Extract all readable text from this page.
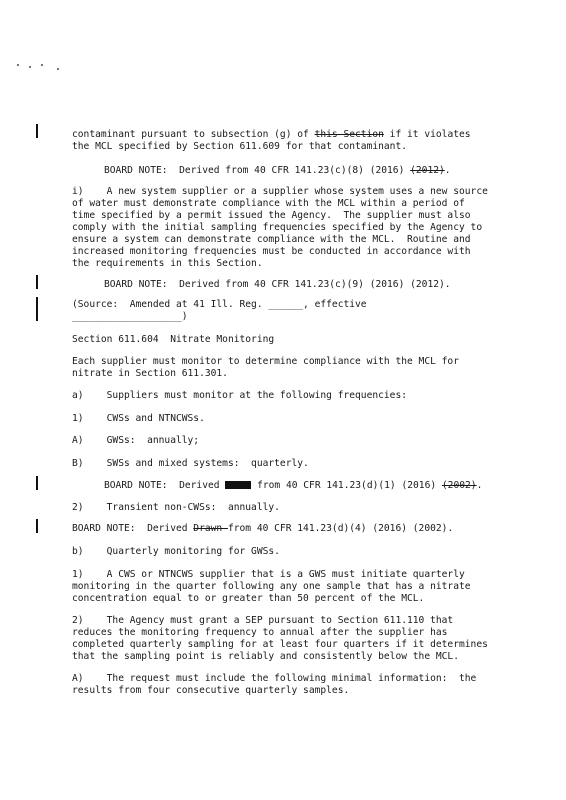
contaminant pursuant to subsection (g) of this Section if it violates
the MCL specified by Section 611.609 for that contaminant.
BOARD NOTE:  Derived from 40 CFR 141.23(c)(8) (2016) (2012).
i)    A new system supplier or a supplier whose system uses a new source
of water must demonstrate compliance with the MCL within a period of
time specified by a permit issued the Agency.  The supplier must also
comply with the initial sampling frequencies specified by the Agency to
ensure a system can demonstrate compliance with the MCL.  Routine and
increased monitoring frequencies must be conducted in accordance with
the requirements in this Section.
BOARD NOTE:  Derived from 40 CFR 141.23(c)(9) (2016) (2012).
(Source:  Amended at 41 Ill. Reg. ______, effective
___________________)
Section 611.604  Nitrate Monitoring
Each supplier must monitor to determine compliance with the MCL for
nitrate in Section 611.301.
a)    Suppliers must monitor at the following frequencies:
1)    CWSs and NTNCWSs.
A)    GWSs:  annually;
B)    SWSs and mixed systems:  quarterly.
BOARD NOTE:  Derived	from 40 CFR 141.23(d)(1) (2016) (2002).
2)    Transient non-CWSs:  annually.
BOARD NOTE:  Derived Drawn from 40 CFR 141.23(d)(4) (2016) (2002).
b)    Quarterly monitoring for GWSs.
1)    A CWS or NTNCWS supplier that is a GWS must initiate quarterly
monitoring in the quarter following any one sample that has a nitrate
concentration equal to or greater than 50 percent of the MCL.
2)    The Agency must grant a SEP pursuant to Section 611.110 that
reduces the monitoring frequency to annual after the supplier has
completed quarterly sampling for at least four quarters if it determines
that the sampling point is reliably and consistently below the MCL.
A)    The request must include the following minimal information:  the
results from four consecutive quarterly samples.
